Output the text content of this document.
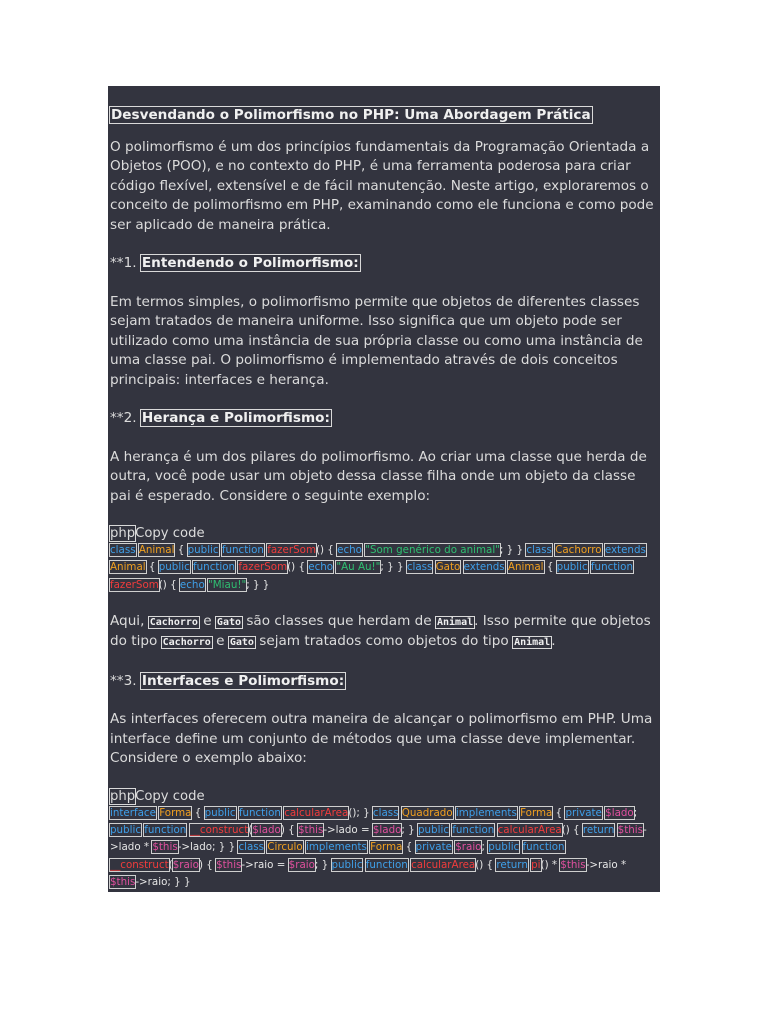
Desvendando o Polimorfismo no PHP: Uma Abordagem Prática

O polimorfismo é um dos princípios fundamentais da Programação Orientada a Objetos (POO), e no contexto do PHP, é uma ferramenta poderosa para criar código flexível, extensível e de fácil manutenção. Neste artigo, exploraremos o conceito de polimorfismo em PHP, examinando como ele funciona e como pode ser aplicado de maneira prática.

**1. Entendendo o Polimorfismo:

Em termos simples, o polimorfismo permite que objetos de diferentes classes sejam tratados de maneira uniforme. Isso significa que um objeto pode ser utilizado como uma instância de sua própria classe ou como uma instância de uma classe pai. O polimorfismo é implementado através de dois conceitos principais: interfaces e herança.

**2. Herança e Polimorfismo:

A herança é um dos pilares do polimorfismo. Ao criar uma classe que herda de outra, você pode usar um objeto dessa classe filha onde um objeto da classe pai é esperado. Considere o seguinte exemplo:

phpCopy code
class Animal { public function fazerSom() { echo "Som genérico do animal"; } } class Cachorro extends Animal { public function fazerSom() { echo "Au Au!"; } } class Gato extends Animal { public function fazerSom() { echo "Miau!"; } }

Aqui, Cachorro e Gato são classes que herdam de Animal. Isso permite que objetos do tipo Cachorro e Gato sejam tratados como objetos do tipo Animal.

**3. Interfaces e Polimorfismo:

As interfaces oferecem outra maneira de alcançar o polimorfismo em PHP. Uma interface define um conjunto de métodos que uma classe deve implementar. Considere o exemplo abaixo:

phpCopy code
interface Forma { public function calcularArea(); } class Quadrado implements Forma { private $lado; public function __construct($lado) { $this->lado = $lado; } public function calcularArea() { return $this->lado * $this->lado; } } class Circulo implements Forma { private $raio; public function __construct($raio) { $this->raio = $raio; } public function calcularArea() { return pi() * $this->raio * $this->raio; } }
